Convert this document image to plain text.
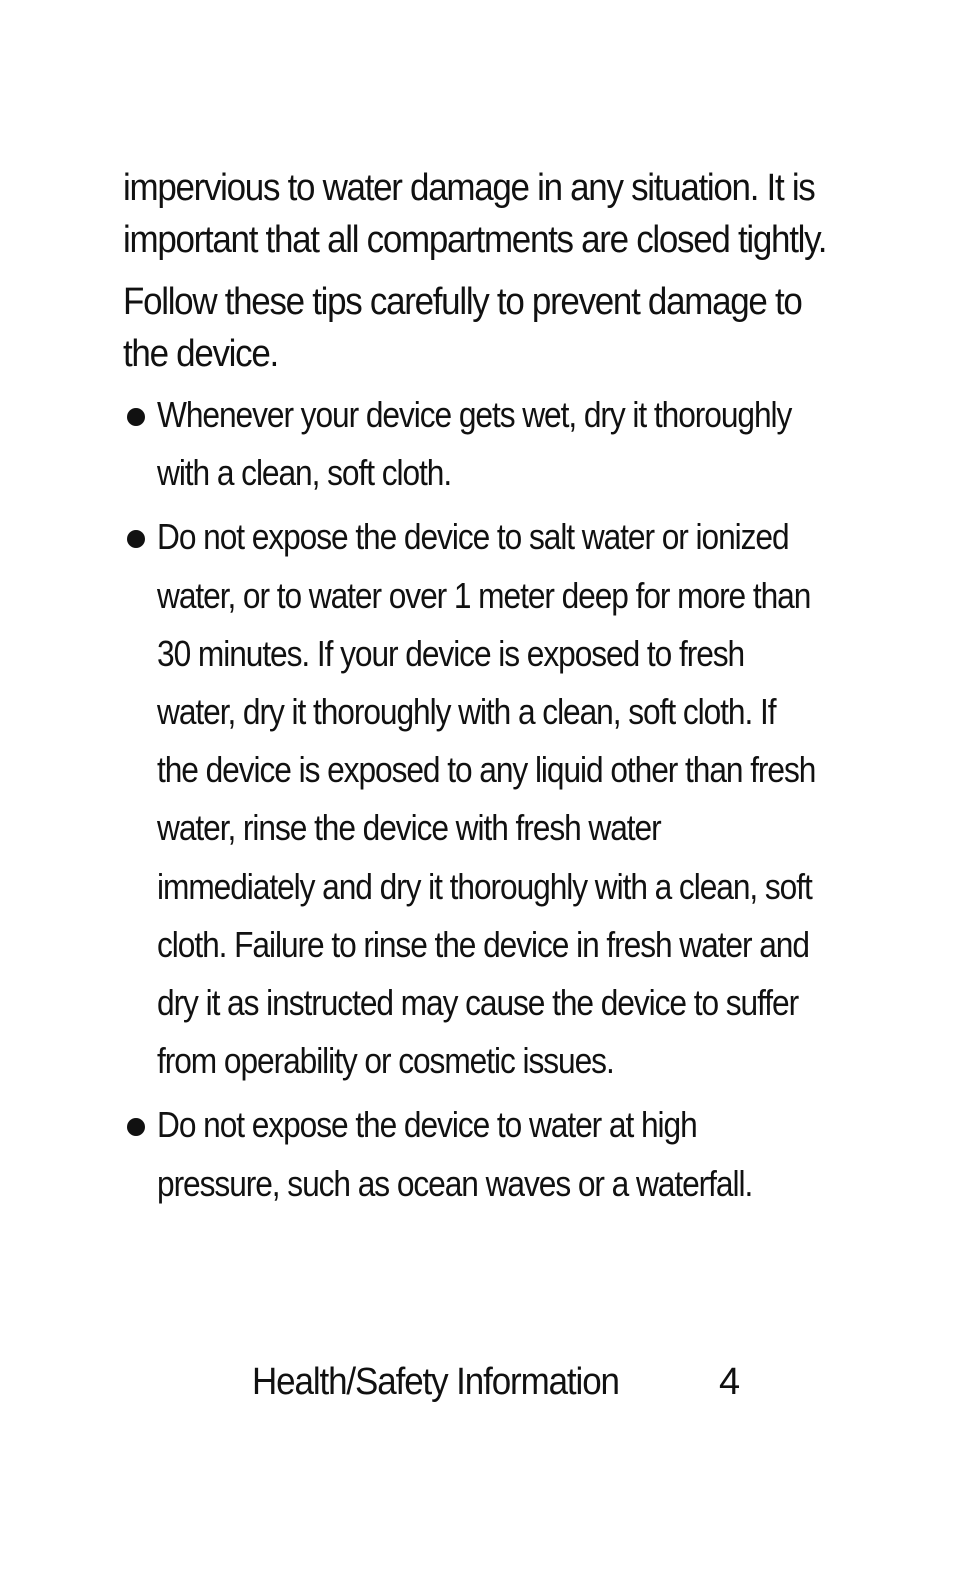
impervious to water damage in any situation. It is important that all compartments are closed tightly.

Follow these tips carefully to prevent damage to the device.

Whenever your device gets wet, dry it thoroughly with a clean, soft cloth.
Do not expose the device to salt water or ionized water, or to water over 1 meter deep for more than 30 minutes. If your device is exposed to fresh water, dry it thoroughly with a clean, soft cloth. If the device is exposed to any liquid other than fresh water, rinse the device with fresh water immediately and dry it thoroughly with a clean, soft cloth. Failure to rinse the device in fresh water and dry it as instructed may cause the device to suffer from operability or cosmetic issues.
Do not expose the device to water at high pressure, such as ocean waves or a waterfall.
Health/Safety Information	4
